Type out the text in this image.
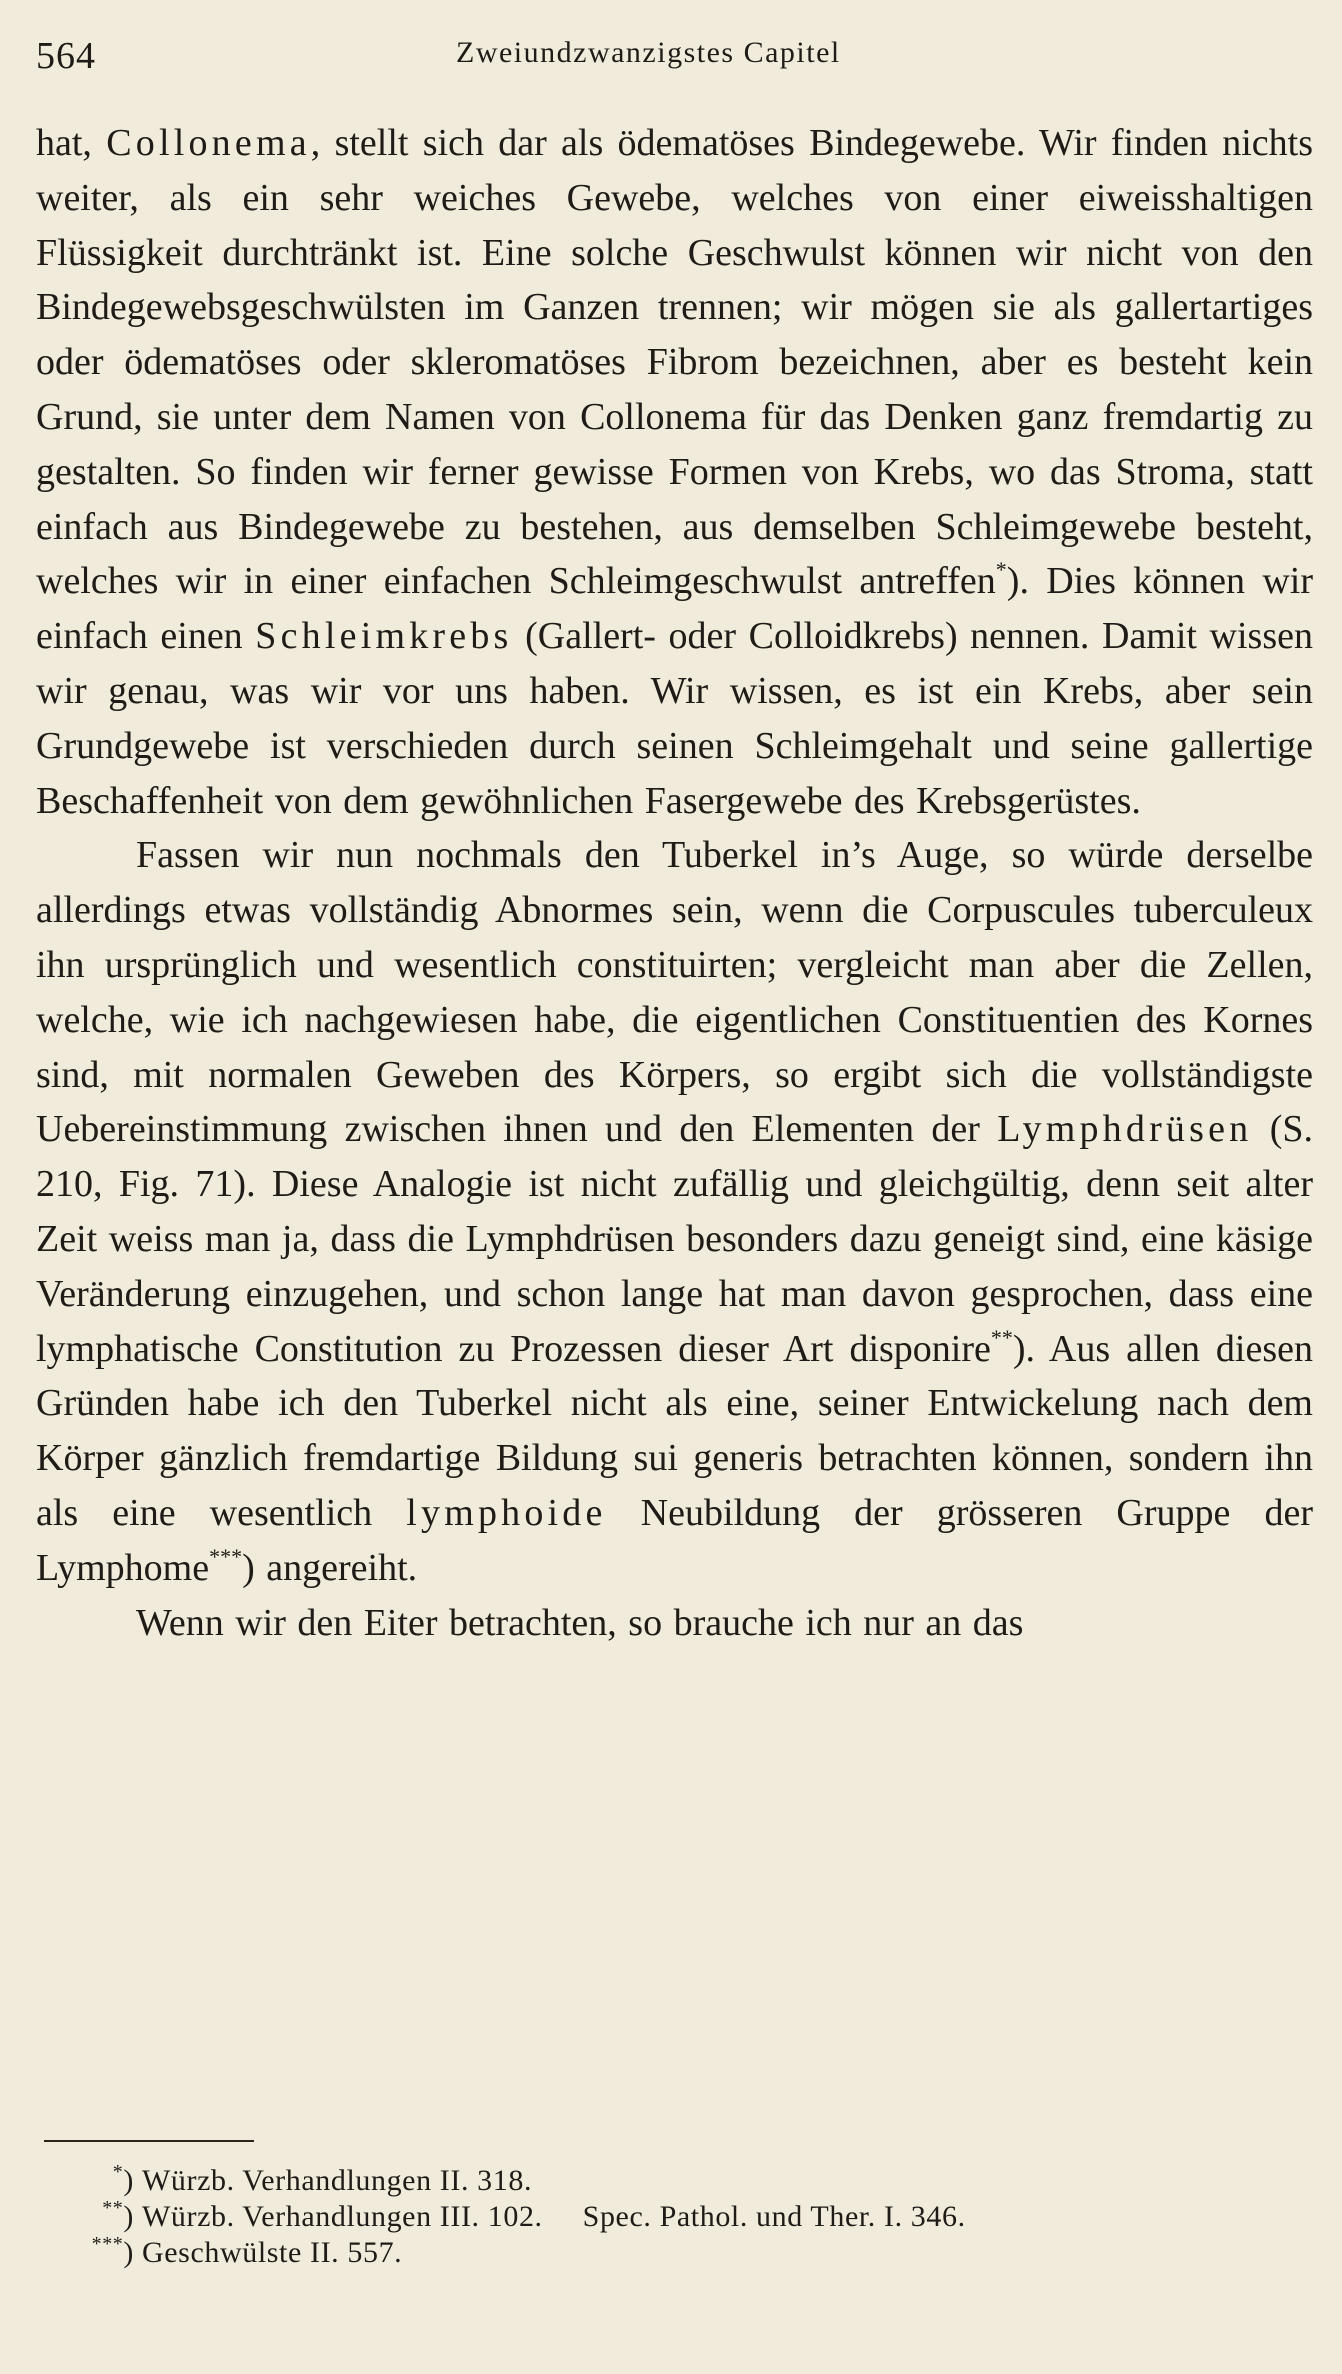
564	Zweiundzwanzigstes Capitel

hat, Collonema, stellt sich dar als ödematöses Bindegewebe. Wir finden nichts weiter, als ein sehr weiches Gewebe, welches von einer eiweisshaltigen Flüssigkeit durchtränkt ist. Eine solche Geschwulst können wir nicht von den Bindegewebsgeschwülsten im Ganzen trennen; wir mögen sie als gallertartiges oder ödematöses oder skleromatöses Fibrom bezeichnen, aber es besteht kein Grund, sie unter dem Namen von Collonema für das Denken ganz fremdartig zu gestalten. So finden wir ferner gewisse Formen von Krebs, wo das Stroma, statt einfach aus Bindegewebe zu bestehen, aus demselben Schleimgewebe besteht, welches wir in einer einfachen Schleimgeschwulst antreffen*). Dies können wir einfach einen Schleimkrebs (Gallert- oder Colloidkrebs) nennen. Damit wissen wir genau, was wir vor uns haben. Wir wissen, es ist ein Krebs, aber sein Grundgewebe ist verschieden durch seinen Schleimgehalt und seine gallertige Beschaffenheit von dem gewöhnlichen Fasergewebe des Krebsgerüstes.

Fassen wir nun nochmals den Tuberkel in’s Auge, so würde derselbe allerdings etwas vollständig Abnormes sein, wenn die Corpuscules tuberculeux ihn ursprünglich und wesentlich constituirten; vergleicht man aber die Zellen, welche, wie ich nachgewiesen habe, die eigentlichen Constituentien des Kornes sind, mit normalen Geweben des Körpers, so ergibt sich die vollständigste Uebereinstimmung zwischen ihnen und den Elementen der Lymphdrüsen (S. 210, Fig. 71). Diese Analogie ist nicht zufällig und gleichgültig, denn seit alter Zeit weiss man ja, dass die Lymphdrüsen besonders dazu geneigt sind, eine käsige Veränderung einzugehen, und schon lange hat man davon gesprochen, dass eine lymphatische Constitution zu Prozessen dieser Art disponire**). Aus allen diesen Gründen habe ich den Tuberkel nicht als eine, seiner Entwickelung nach dem Körper gänzlich fremdartige Bildung sui generis betrachten können, sondern ihn als eine wesentlich lymphoide Neubildung der grösseren Gruppe der Lymphome***) angereiht.

Wenn wir den Eiter betrachten, so brauche ich nur an das

*) Würzb. Verhandlungen II. 318.
**) Würzb. Verhandlungen III. 102. Spec. Pathol. und Ther. I. 346.
***) Geschwülste II. 557.
